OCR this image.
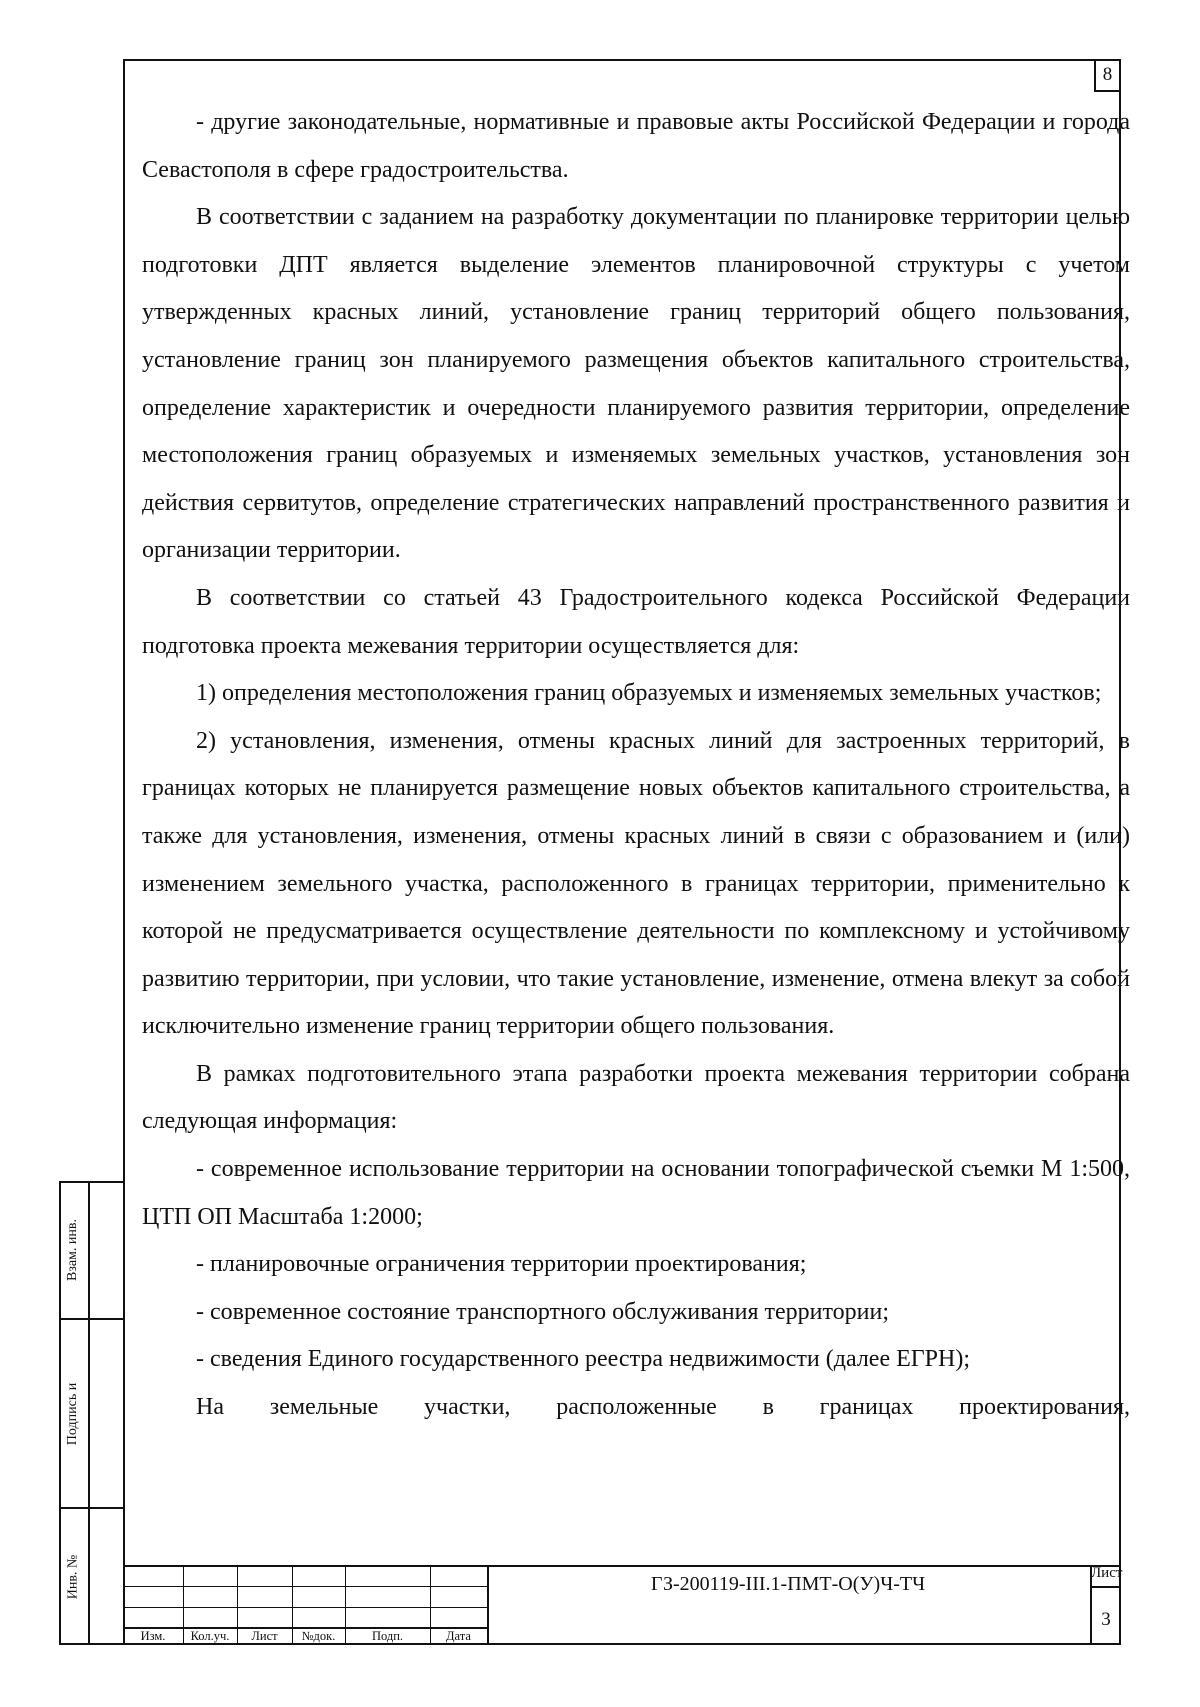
8

- другие законодательные, нормативные и правовые акты Российской Федерации и города Севастополя в сфере градостроительства.

В соответствии с заданием на разработку документации по планировке территории целью подготовки ДПТ является выделение элементов планировочной структуры с учетом утвержденных красных линий, установление границ территорий общего пользования, установление границ зон планируемого размещения объектов капитального строительства, определение характеристик и очередности планируемого развития территории, определение местоположения границ образуемых и изменяемых земельных участков, установления зон действия сервитутов, определение стратегических направлений пространственного развития и организации территории.

В соответствии со статьей 43 Градостроительного кодекса Российской Федерации подготовка проекта межевания территории осуществляется для:

1) определения местоположения границ образуемых и изменяемых земельных участков;

2) установления, изменения, отмены красных линий для застроенных территорий, в границах которых не планируется размещение новых объектов капитального строительства, а также для установления, изменения, отмены красных линий в связи с образованием и (или) изменением земельного участка, расположенного в границах территории, применительно к которой не предусматривается осуществление деятельности по комплексному и устойчивому развитию территории, при условии, что такие установление, изменение, отмена влекут за собой исключительно изменение границ территории общего пользования.

В рамках подготовительного этапа разработки проекта межевания территории собрана следующая информация:

- современное использование территории на основании топографической съемки М 1:500, ЦТП ОП Масштаба 1:2000;

- планировочные ограничения территории проектирования;

- современное состояние транспортного обслуживания территории;

- сведения Единого государственного реестра недвижимости (далее ЕГРН);

На земельные участки, расположенные в границах проектирования,

Взам. инв.
Подпись и
Инв. №
Изм.	Кол.уч.	Лист	№док.	Подп.	Дата
ГЗ-200119-III.1-ПМТ-О(У)Ч-ТЧ	Лист
3
